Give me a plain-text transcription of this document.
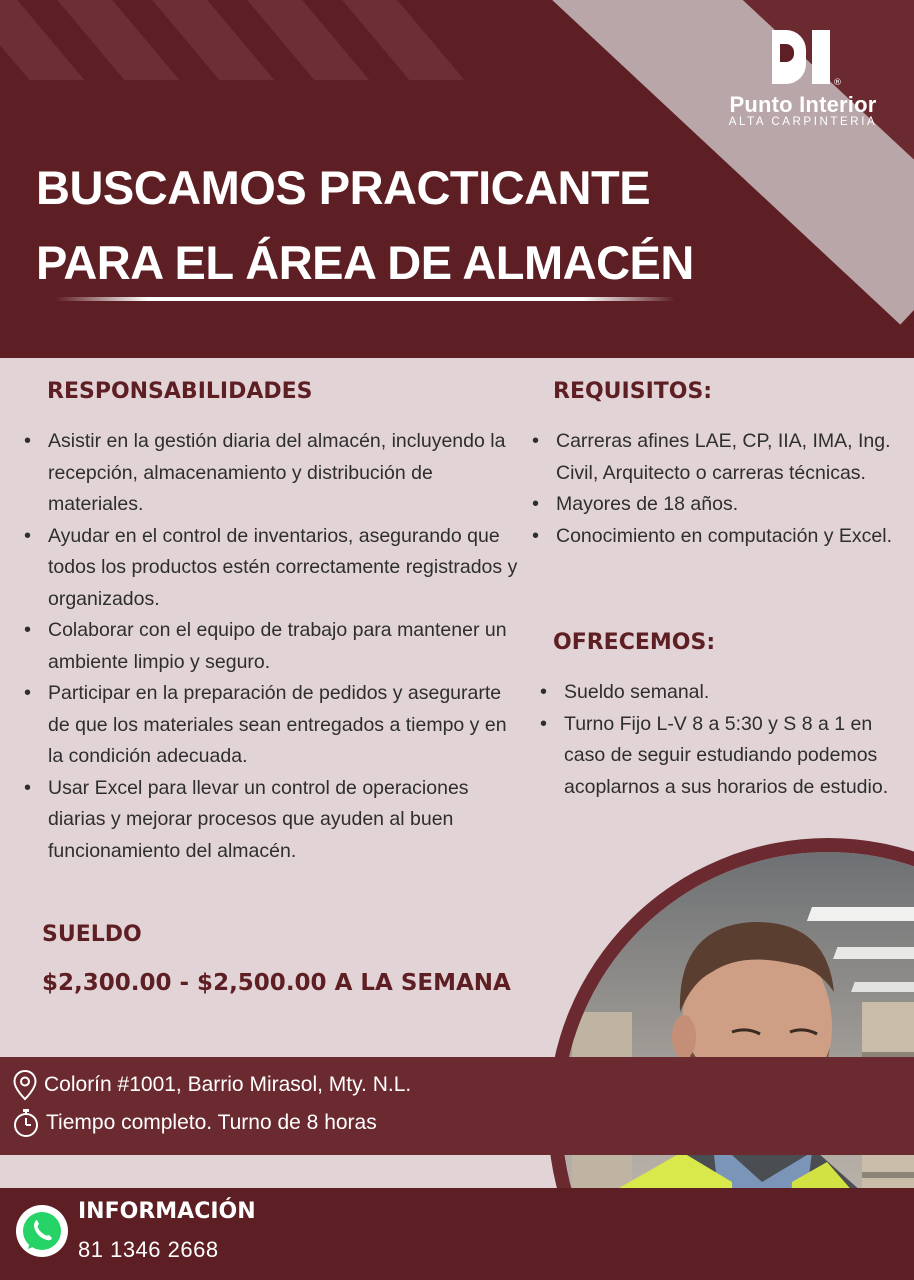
®
Punto Interior
ALTA CARPINTERIA
BUSCAMOS PRACTICANTE
PARA EL ÁREA DE ALMACÉN
RESPONSABILIDADES
• Asistir en la gestión diaria del almacén, incluyendo la recepción, almacenamiento y distribución de materiales.
• Ayudar en el control de inventarios, asegurando que todos los productos estén correctamente registrados y organizados.
• Colaborar con el equipo de trabajo para mantener un ambiente limpio y seguro.
• Participar en la preparación de pedidos y asegurarte de que los materiales sean entregados a tiempo y en la condición adecuada.
• Usar Excel para llevar un control de operaciones diarias y mejorar procesos que ayuden al buen funcionamiento del almacén.
REQUISITOS:
• Carreras afines LAE, CP, IIA, IMA, Ing. Civil, Arquitecto o carreras técnicas.
• Mayores de 18 años.
• Conocimiento en computación y Excel.
OFRECEMOS:
• Sueldo semanal.
• Turno Fijo L-V 8 a 5:30 y S 8 a 1 en caso de seguir estudiando podemos acoplarnos a sus horarios de estudio.
SUELDO
$2,300.00 - $2,500.00 A LA SEMANA
Colorín #1001, Barrio Mirasol, Mty. N.L.
Tiempo completo. Turno de 8 horas
INFORMACIÓN
81 1346 2668
